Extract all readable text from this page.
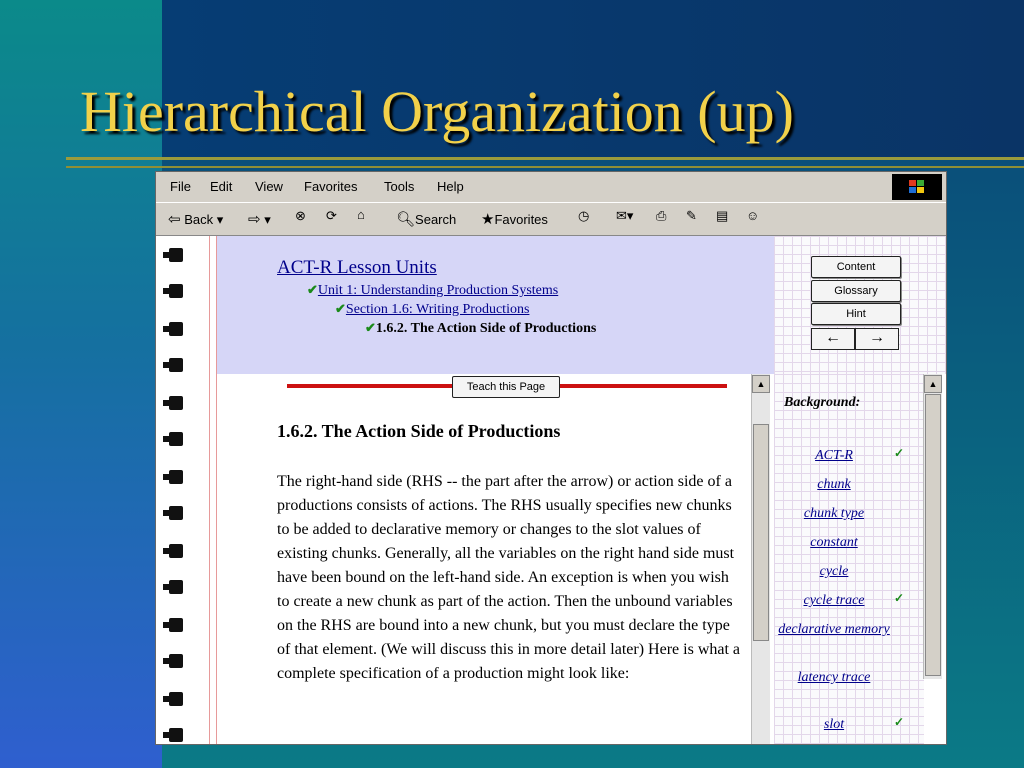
Hierarchical Organization (up)
File Edit View Favorites Tools Help
⇦ Back ▾ ⇨ ▾ ⊗ ⟳ ⌂ 🔍︎Search ★Favorites ◷ ✉▾ ⎙ ✎ ▤ ☺
ACT-R Lesson Units
✔Unit 1: Understanding Production Systems
✔Section 1.6: Writing Productions
✔1.6.2. The Action Side of Productions
Content
Glossary
Hint
←	→
Teach this Page
1.6.2. The Action Side of Productions

The right-hand side (RHS -- the part after the arrow) or action side of a productions consists of actions. The RHS usually specifies new chunks to be added to declarative memory or changes to the slot values of existing chunks. Generally, all the variables on the right hand side must have been bound on the left-hand side. An exception is when you wish to create a new chunk as part of the action. Then the unbound variables on the RHS are bound into a new chunk, but you must declare the type of that element. (We will discuss this in more detail later) Here is what a complete specification of a production might look like:

▲
Background:
ACT-R	✓
chunk
chunk type
constant
cycle
cycle trace	✓
declarative memory
latency trace
slot	✓
▲
